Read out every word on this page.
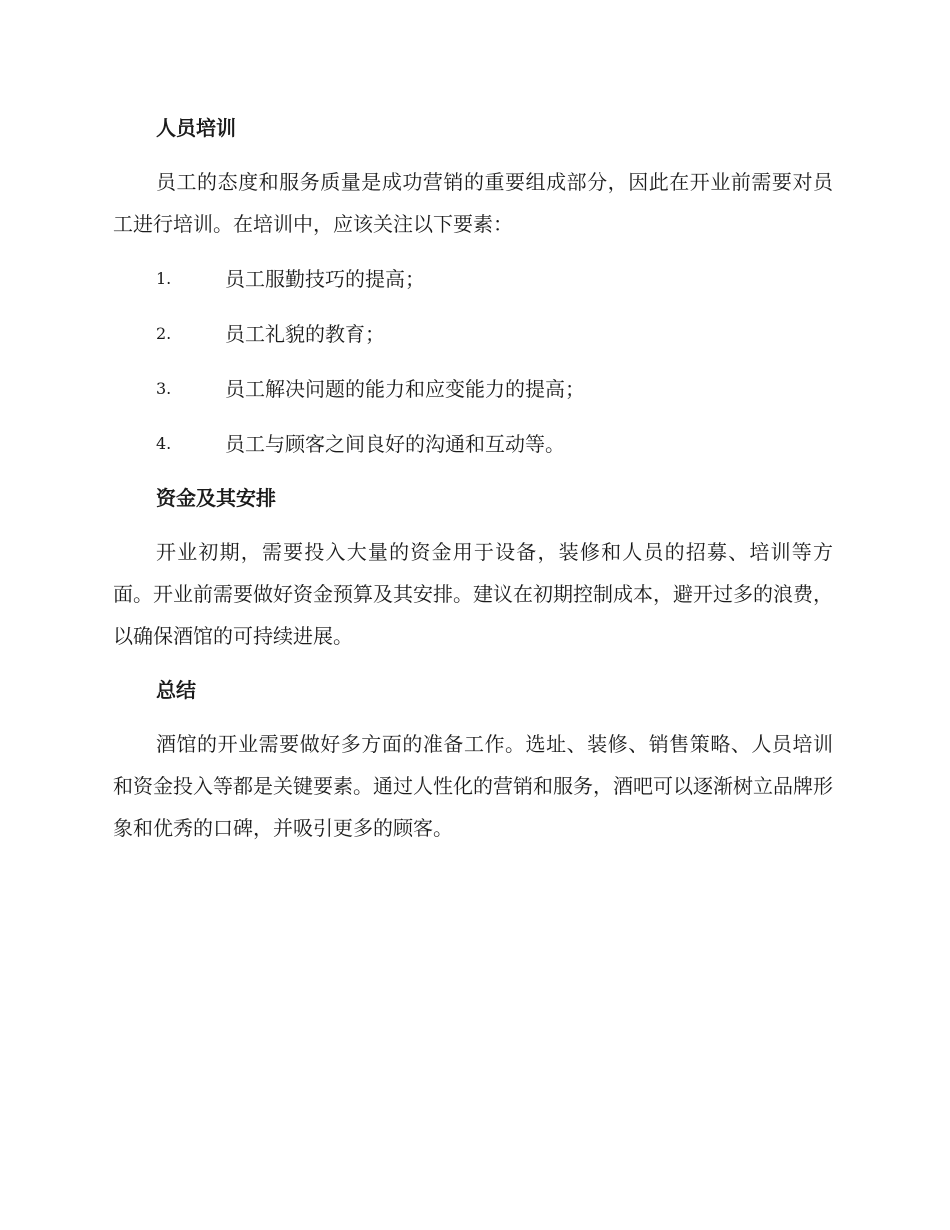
人员培训
员工的态度和服务质量是成功营销的重要组成部分，因此在开业前需要对员工进行培训。在培训中，应该关注以下要素：
1.	员工服勤技巧的提高；
2.	员工礼貌的教育；
3.	员工解决问题的能力和应变能力的提高；
4.	员工与顾客之间良好的沟通和互动等。
资金及其安排
开业初期，需要投入大量的资金用于设备，装修和人员的招募、培训等方面。开业前需要做好资金预算及其安排。建议在初期控制成本，避开过多的浪费，以确保酒馆的可持续进展。
总结
酒馆的开业需要做好多方面的准备工作。选址、装修、销售策略、人员培训和资金投入等都是关键要素。通过人性化的营销和服务，酒吧可以逐渐树立品牌形象和优秀的口碑，并吸引更多的顾客。
